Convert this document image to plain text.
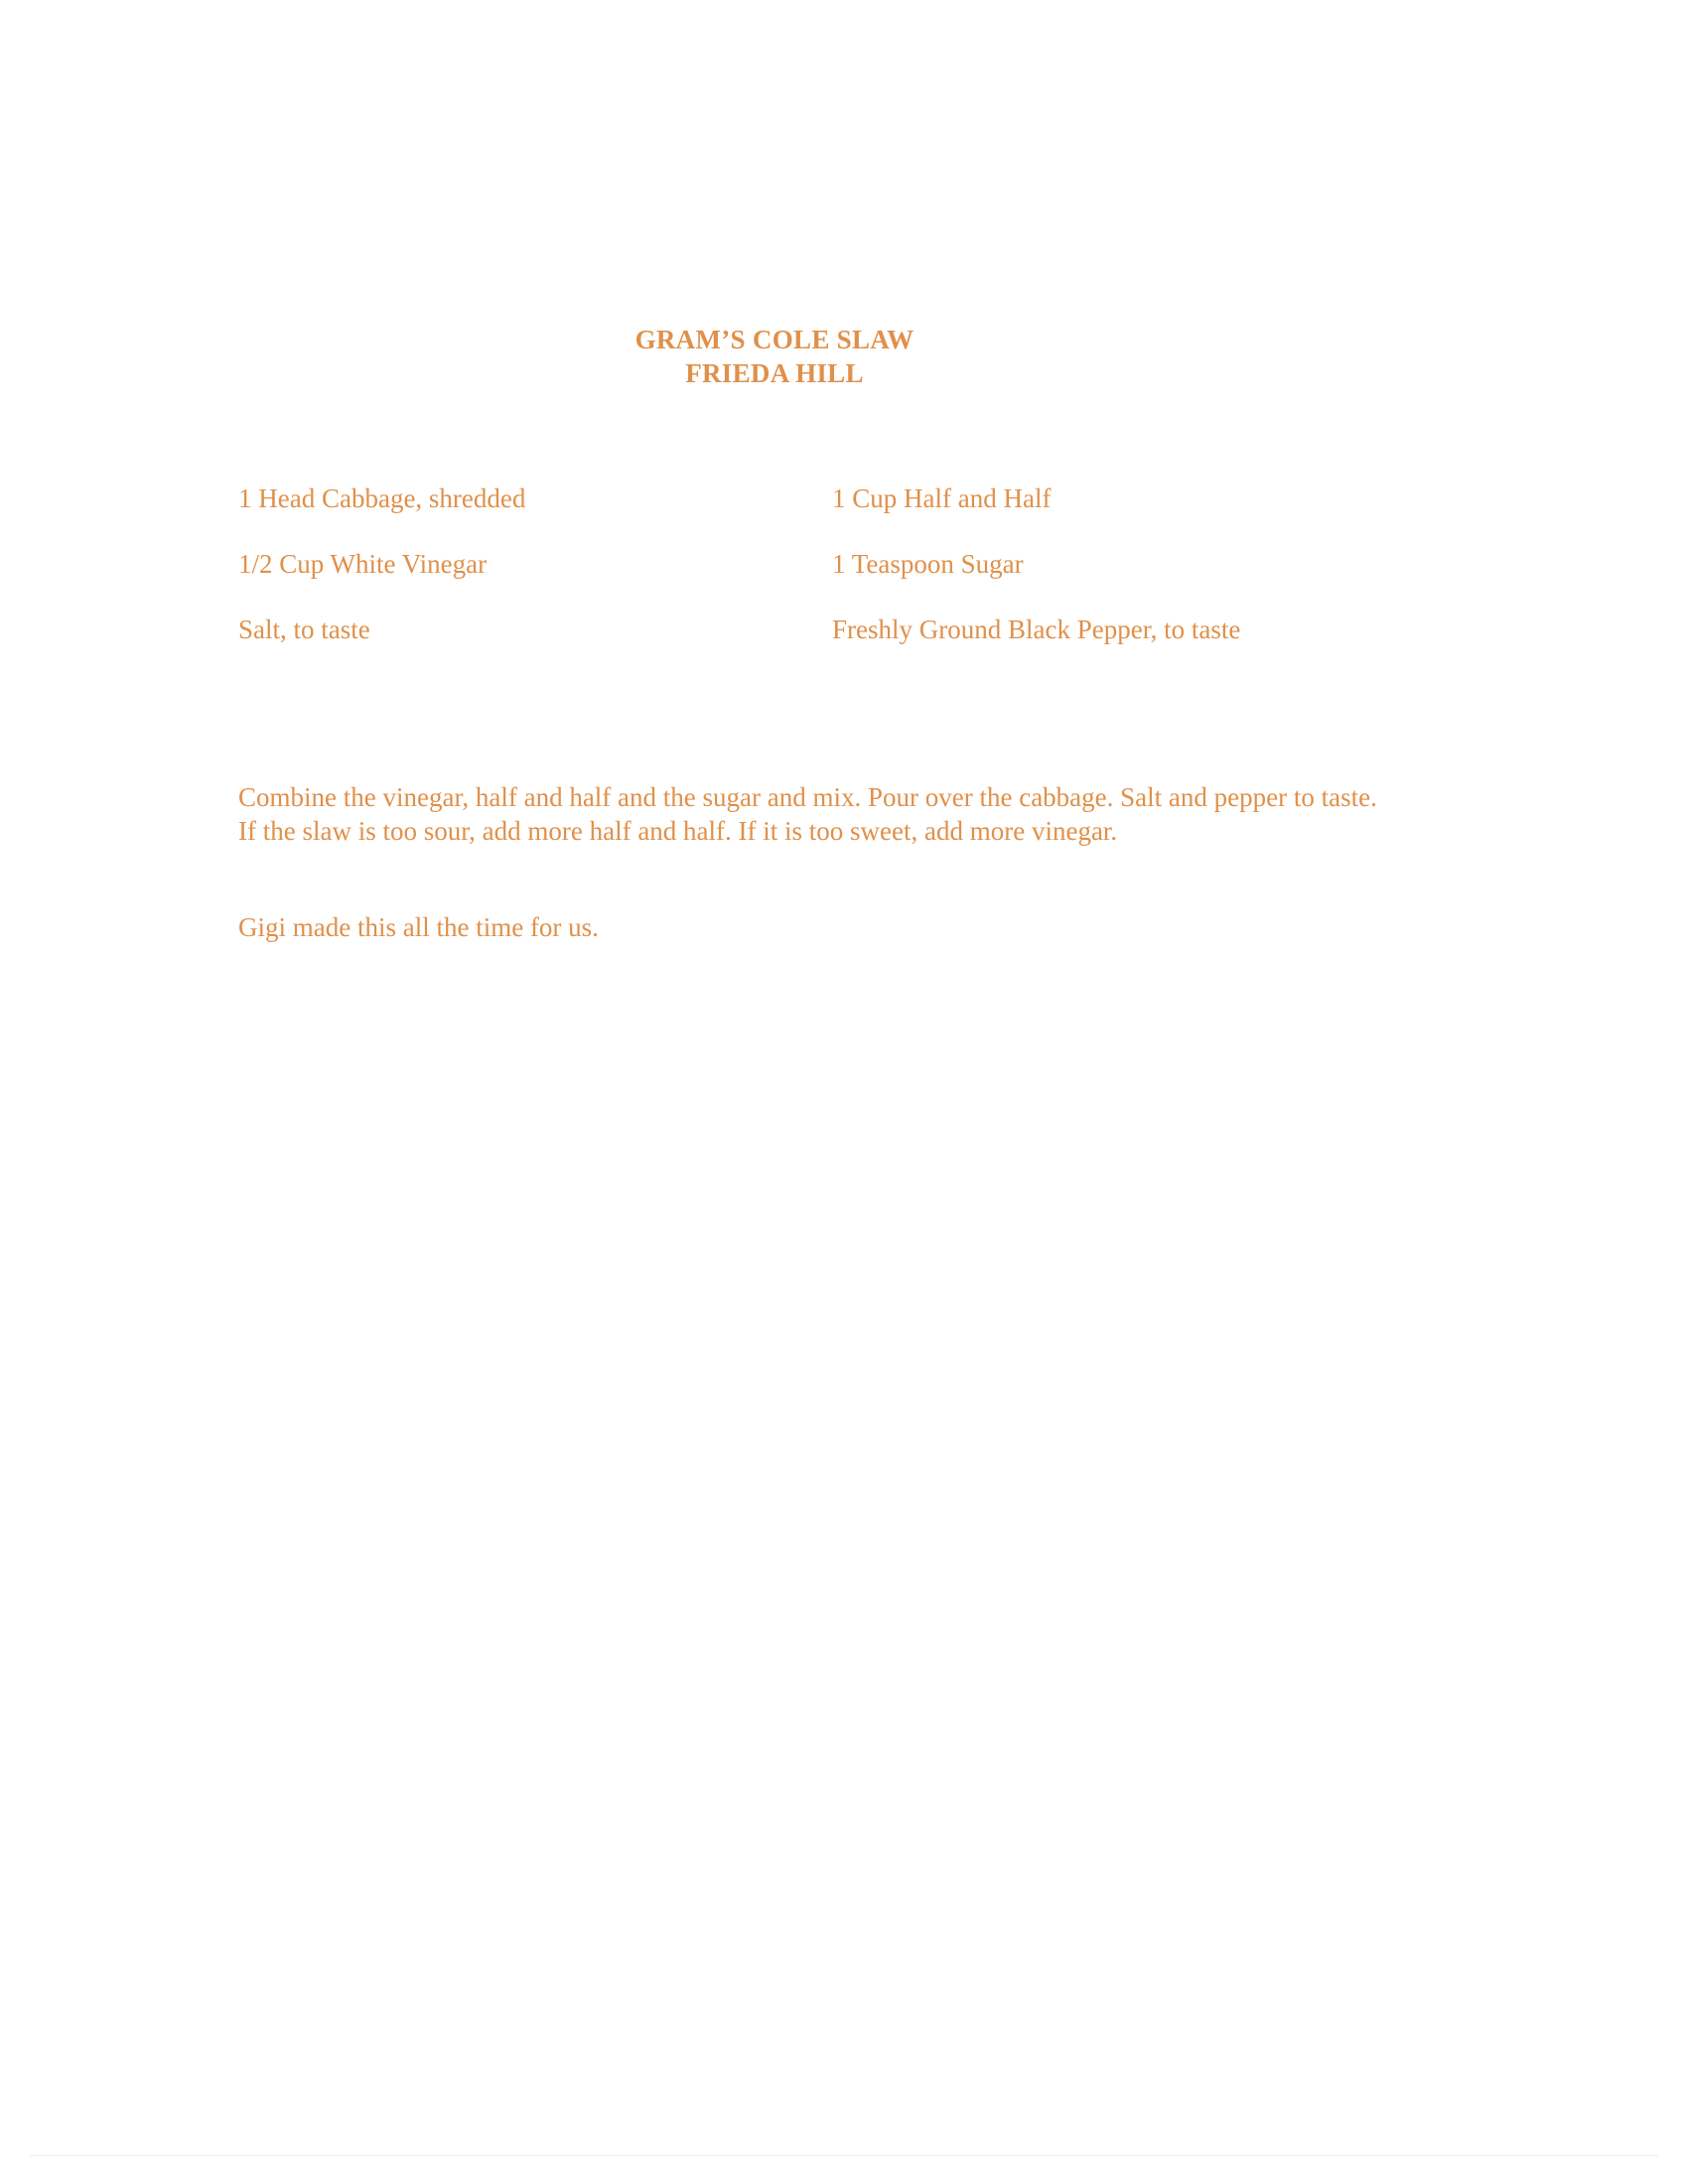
GRAM’S COLE SLAW
FRIEDA HILL
1 Head Cabbage, shredded	1 Cup Half and Half
1/2 Cup White Vinegar	1 Teaspoon Sugar
Salt, to taste	Freshly Ground Black Pepper, to taste
Combine the vinegar, half and half and the sugar and mix. Pour over the cabbage. Salt and pepper to taste. If the slaw is too sour, add more half and half. If it is too sweet, add more vinegar.
Gigi made this all the time for us.
